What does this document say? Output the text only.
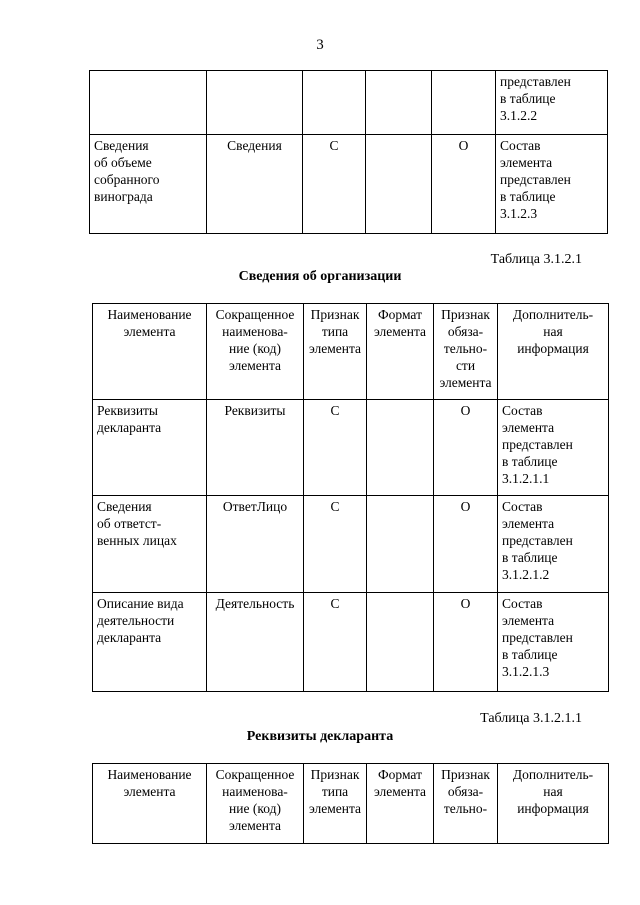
3
					представлен
в таблице
3.1.2.2
Сведения
об объеме
собранного
винограда	Сведения	С		О	Состав
элемента
представлен
в таблице
3.1.2.3
Таблица 3.1.2.1
Сведения об организации
Наименование
элемента	Сокращенное
наименова-
ние (код)
элемента	Признак
типа
элемента	Формат
элемента	Признак
обяза-
тельно-
сти
элемента	Дополнитель-
ная
информация
Реквизиты
декларанта	Реквизиты	С		О	Состав
элемента
представлен
в таблице
3.1.2.1.1
Сведения
об ответст-
венных лицах	ОтветЛицо	С		О	Состав
элемента
представлен
в таблице
3.1.2.1.2
Описание вида
деятельности
декларанта	Деятельность	С		О	Состав
элемента
представлен
в таблице
3.1.2.1.3
Таблица 3.1.2.1.1
Реквизиты декларанта
Наименование
элемента	Сокращенное
наименова-
ние (код)
элемента	Признак
типа
элемента	Формат
элемента	Признак
обяза-
тельно-	Дополнитель-
ная
информация
